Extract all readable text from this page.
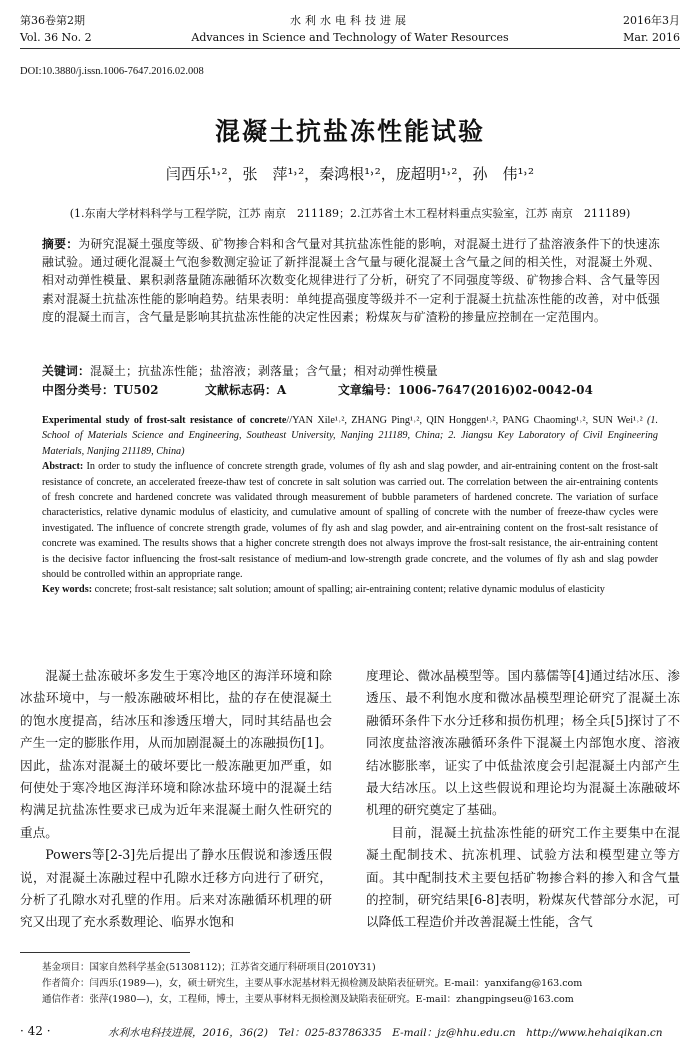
第36卷第2期
Vol. 36 No. 2
水利水电科技进展
Advances in Science and Technology of Water Resources
2016年3月
Mar. 2016
DOI:10.3880/j.issn.1006-7647.2016.02.008
混凝土抗盐冻性能试验
闫西乐¹˒²，张　萍¹˒²，秦鸿根¹˒²，庞超明¹˒²，孙　伟¹˒²
(1.东南大学材料科学与工程学院，江苏 南京　211189；2.江苏省土木工程材料重点实验室，江苏 南京　211189)
摘要：为研究混凝土强度等级、矿物掺合料和含气量对其抗盐冻性能的影响，对混凝土进行了盐溶液条件下的快速冻融试验。通过硬化混凝土气泡参数测定验证了新拌混凝土含气量与硬化混凝土含气量之间的相关性，对混凝土外观、相对动弹性模量、累积剥落量随冻融循环次数变化规律进行了分析，研究了不同强度等级、矿物掺合料、含气量等因素对混凝土抗盐冻性能的影响趋势。结果表明：单纯提高强度等级并不一定利于混凝土抗盐冻性能的改善，对中低强度的混凝土而言，含气量是影响其抗盐冻性能的决定性因素；粉煤灰与矿渣粉的掺量应控制在一定范围内。
关键词：混凝土；抗盐冻性能；盐溶液；剥落量；含气量；相对动弹性模量
中图分类号：TU502	文献标志码：A	文章编号：1006-7647(2016)02-0042-04
Experimental study of frost-salt resistance of concrete//YAN Xile¹˒², ZHANG Ping¹˒², QIN Honggen¹˒², PANG Chaoming¹˒², SUN Wei¹˒² (1. School of Materials Science and Engineering, Southeast University, Nanjing 211189, China; 2. Jiangsu Key Laboratory of Civil Engineering Materials, Nanjing 211189, China)
Abstract: In order to study the influence of concrete strength grade, volumes of fly ash and slag powder, and air-entraining content on the frost-salt resistance of concrete, an accelerated freeze-thaw test of concrete in salt solution was carried out. The correlation between the air-entraining contents of fresh concrete and hardened concrete was validated through measurement of bubble parameters of hardened concrete. The variation of surface characteristics, relative dynamic modulus of elasticity, and cumulative amount of spalling of concrete with the number of freeze-thaw cycles were investigated. The influence of concrete strength grade, volumes of fly ash and slag powder, and air-entraining content on the frost-salt resistance of concrete was examined. The results shows that a higher concrete strength does not always improve the frost-salt resistance, the air-entraining content is the decisive factor influencing the frost-salt resistance of medium-and low-strength grade concrete, and the volumes of fly ash and slag powder should be controlled within an appropriate range.
Key words: concrete; frost-salt resistance; salt solution; amount of spalling; air-entraining content; relative dynamic modulus of elasticity

混凝土盐冻破坏多发生于寒冷地区的海洋环境和除冰盐环境中，与一般冻融破坏相比，盐的存在使混凝土的饱水度提高，结冰压和渗透压增大，同时其结晶也会产生一定的膨胀作用，从而加剧混凝土的冻融损伤[1]。因此，盐冻对混凝土的破坏要比一般冻融更加严重，如何使处于寒冷地区海洋环境和除冰盐环境中的混凝土结构满足抗盐冻性要求已成为近年来混凝土耐久性研究的重点。

Powers等[2-3]先后提出了静水压假说和渗透压假说，对混凝土冻融过程中孔隙水迁移方向进行了研究，分析了孔隙水对孔壁的作用。后来对冻融循环机理的研究又出现了充水系数理论、临界水饱和

度理论、微冰晶模型等。国内慕儒等[4]通过结冰压、渗透压、最不利饱水度和微冰晶模型理论研究了混凝土冻融循环条件下水分迁移和损伤机理；杨全兵[5]探讨了不同浓度盐溶液冻融循环条件下混凝土内部饱水度、溶液结冰膨胀率，证实了中低盐浓度会引起混凝土内部产生最大结冰压。以上这些假说和理论均为混凝土冻融破坏机理的研究奠定了基础。

目前，混凝土抗盐冻性能的研究工作主要集中在混凝土配制技术、抗冻机理、试验方法和模型建立等方面。其中配制技术主要包括矿物掺合料的掺入和含气量的控制，研究结果[6-8]表明，粉煤灰代替部分水泥，可以降低工程造价并改善混凝土性能，含气

基金项目：国家自然科学基金(51308112)；江苏省交通厅科研项目(2010Y31)
作者简介：闫西乐(1989—)，女，硕士研究生，主要从事水泥基材料无损检测及缺陷表征研究。E-mail：yanxifang@163.com
通信作者：张萍(1980—)，女，工程师，博士，主要从事材料无损检测及缺陷表征研究。E-mail：zhangpingseu@163.com
· 42 ·	水利水电科技进展，2016，36(2)　Tel：025-83786335　E-mail：jz@hhu.edu.cn　http://www.hehaiqikan.cn
